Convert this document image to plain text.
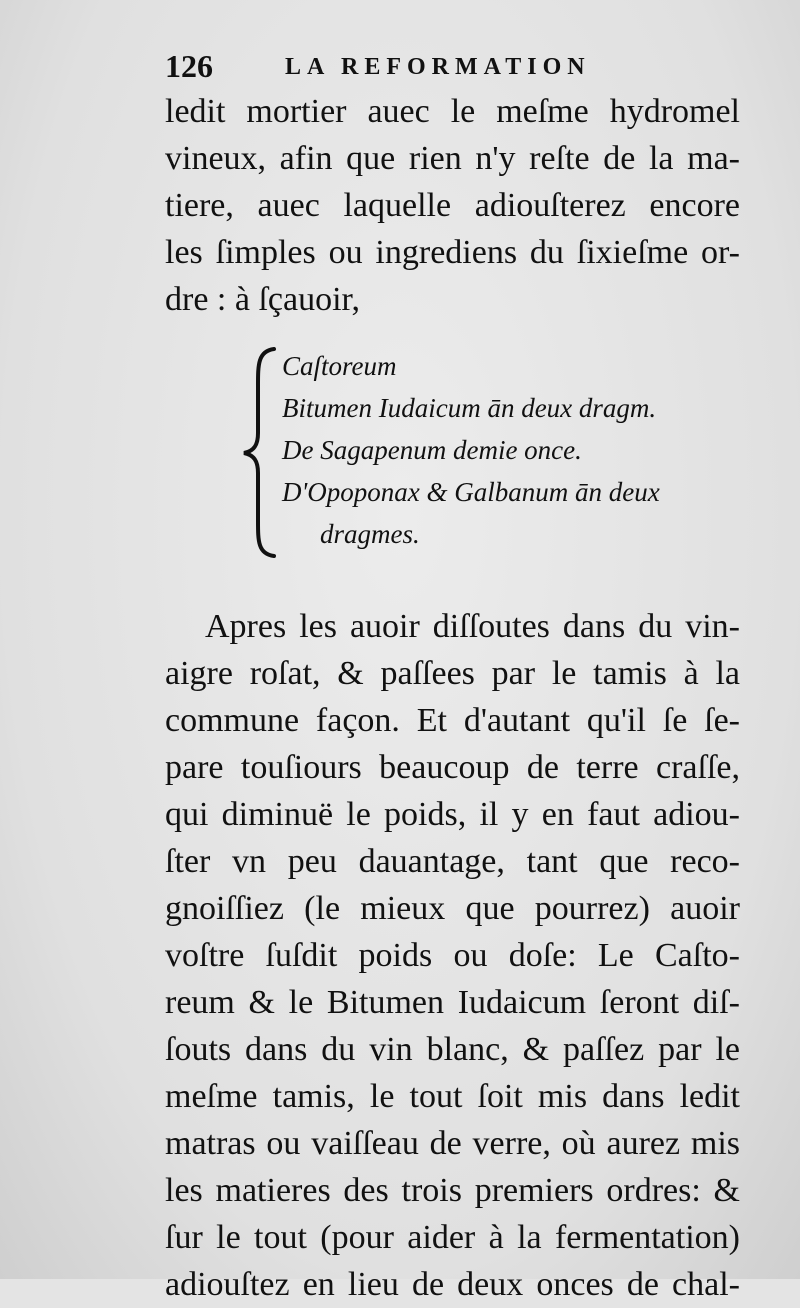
126	LA REFORMATION
ledit mortier auec le meſme hydromel
vineux, afin que rien n'y reſte de la ma-
tiere, auec laquelle adiouſterez encore
les ſimples ou ingrediens du ſixieſme or-
dre : à ſçauoir,
Caſtoreum
Bitumen Iudaicum ān deux dragm.
De Sagapenum demie once.
D'Opoponax & Galbanum ān deux
dragmes.
Apres les auoir diſſoutes dans du vin-
aigre roſat, & paſſees par le tamis à la
commune façon. Et d'autant qu'il ſe ſe-
pare touſiours beaucoup de terre craſſe,
qui diminuë le poids, il y en faut adiou-
ſter vn peu dauantage, tant que reco-
gnoiſſiez (le mieux que pourrez) auoir
voſtre ſuſdit poids ou doſe: Le Caſto-
reum & le Bitumen Iudaicum ſeront diſ-
ſouts dans du vin blanc, & paſſez par le
meſme tamis, le tout ſoit mis dans ledit
matras ou vaiſſeau de verre, où aurez mis
les matieres des trois premiers ordres: &
ſur le tout (pour aider à la fermentation)
adiouſtez en lieu de deux onces de chal-
